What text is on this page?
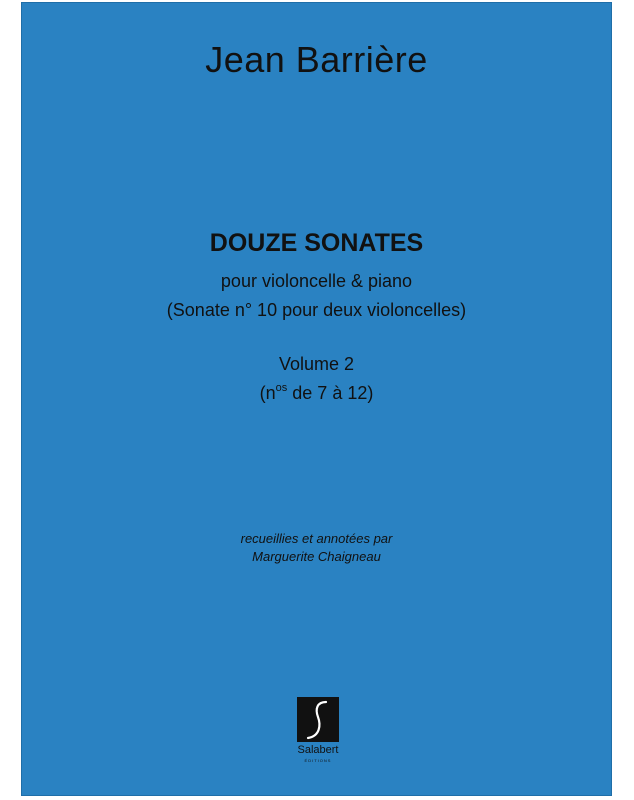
Jean Barrière
DOUZE SONATES
pour violoncelle & piano
(Sonate n° 10 pour deux violoncelles)
Volume 2
($n^{os}$ de 7 à 12)
recueillies et annotées par
Marguerite Chaigneau
Salabert
ÉDITIONS
